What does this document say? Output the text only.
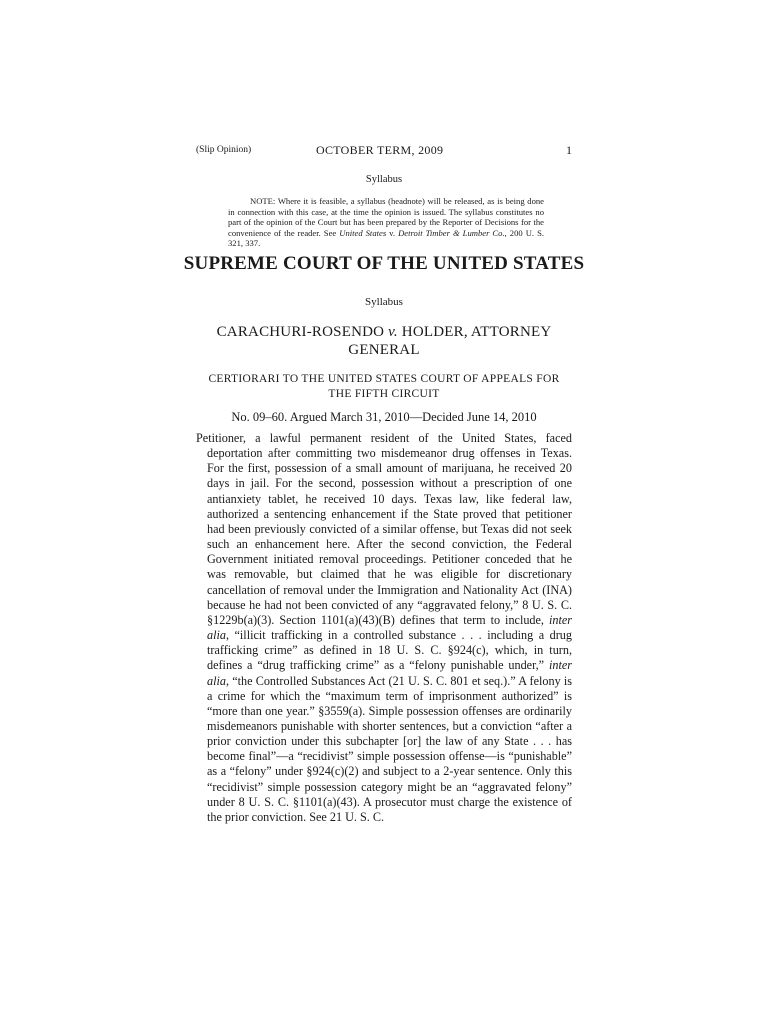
(Slip Opinion)	OCTOBER TERM, 2009	1
Syllabus

NOTE: Where it is feasible, a syllabus (headnote) will be released, as is being done in connection with this case, at the time the opinion is issued. The syllabus constitutes no part of the opinion of the Court but has been prepared by the Reporter of Decisions for the convenience of the reader. See United States v. Detroit Timber & Lumber Co., 200 U. S. 321, 337.

SUPREME COURT OF THE UNITED STATES
Syllabus
CARACHURI-ROSENDO v. HOLDER, ATTORNEY GENERAL
CERTIORARI TO THE UNITED STATES COURT OF APPEALS FOR THE FIFTH CIRCUIT
No. 09–60. Argued March 31, 2010—Decided June 14, 2010

Petitioner, a lawful permanent resident of the United States, faced deportation after committing two misdemeanor drug offenses in Texas. For the first, possession of a small amount of marijuana, he received 20 days in jail. For the second, possession without a prescription of one antianxiety tablet, he received 10 days. Texas law, like federal law, authorized a sentencing enhancement if the State proved that petitioner had been previously convicted of a similar offense, but Texas did not seek such an enhancement here. After the second conviction, the Federal Government initiated removal proceedings. Petitioner conceded that he was removable, but claimed that he was eligible for discretionary cancellation of removal under the Immigration and Nationality Act (INA) because he had not been convicted of any “aggravated felony,” 8 U. S. C. §1229b(a)(3). Section 1101(a)(43)(B) defines that term to include, inter alia, “illicit trafficking in a controlled substance . . . including a drug trafficking crime” as defined in 18 U. S. C. §924(c), which, in turn, defines a “drug trafficking crime” as a “felony punishable under,” inter alia, “the Controlled Substances Act (21 U. S. C. 801 et seq.).” A felony is a crime for which the “maximum term of imprisonment authorized” is “more than one year.” §3559(a). Simple possession offenses are ordinarily misdemeanors punishable with shorter sentences, but a conviction “after a prior conviction under this subchapter [or] the law of any State . . . has become final”—a “recidivist” simple possession offense—is “punishable” as a “felony” under §924(c)(2) and subject to a 2-year sentence. Only this “recidivist” simple possession category might be an “aggravated felony” under 8 U. S. C. §1101(a)(43). A prosecutor must charge the existence of the prior conviction. See 21 U. S. C.
